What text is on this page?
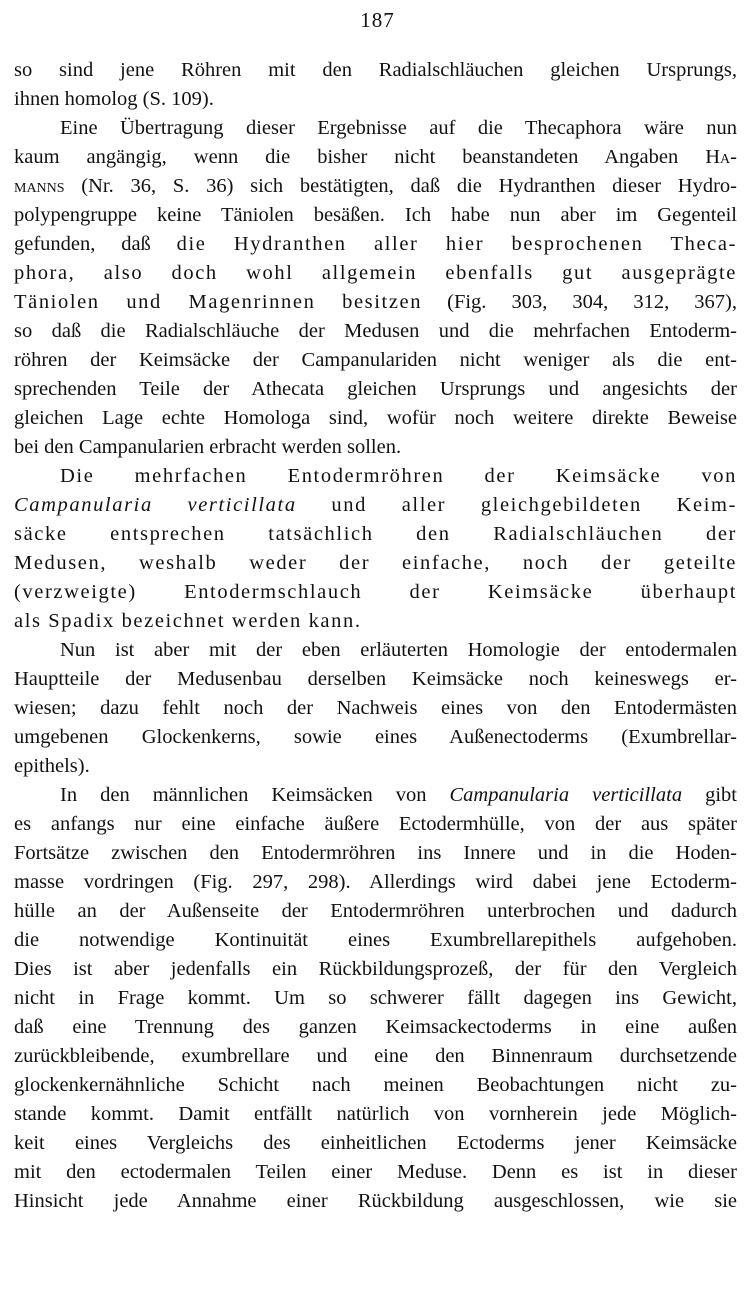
187
so sind jene Röhren mit den Radialschläuchen gleichen Ursprungs,
ihnen homolog (S. 109).
Eine Übertragung dieser Ergebnisse auf die Thecaphora wäre nun
kaum angängig, wenn die bisher nicht beanstandeten Angaben Ha-
manns (Nr. 36, S. 36) sich bestätigten, daß die Hydranthen dieser Hydro-
polypengruppe keine Täniolen besäßen. Ich habe nun aber im Gegenteil
gefunden, daß die Hydranthen aller hier besprochenen Theca-
phora, also doch wohl allgemein ebenfalls gut ausgeprägte
Täniolen und Magenrinnen besitzen (Fig. 303, 304, 312, 367),
so daß die Radialschläuche der Medusen und die mehrfachen Entoderm-
röhren der Keimsäcke der Campanulariden nicht weniger als die ent-
sprechenden Teile der Athecata gleichen Ursprungs und angesichts der
gleichen Lage echte Homologa sind, wofür noch weitere direkte Beweise
bei den Campanularien erbracht werden sollen.
Die mehrfachen Entodermröhren der Keimsäcke von
Campanularia verticillata und aller gleichgebildeten Keim-
säcke entsprechen tatsächlich den Radialschläuchen der
Medusen, weshalb weder der einfache, noch der geteilte
(verzweigte) Entodermschlauch der Keimsäcke überhaupt
als Spadix bezeichnet werden kann.
Nun ist aber mit der eben erläuterten Homologie der entodermalen
Hauptteile der Medusenbau derselben Keimsäcke noch keineswegs er-
wiesen; dazu fehlt noch der Nachweis eines von den Entodermästen
umgebenen Glockenkerns, sowie eines Außenectoderms (Exumbrellar-
epithels).
In den männlichen Keimsäcken von Campanularia verticillata gibt
es anfangs nur eine einfache äußere Ectodermhülle, von der aus später
Fortsätze zwischen den Entodermröhren ins Innere und in die Hoden-
masse vordringen (Fig. 297, 298). Allerdings wird dabei jene Ectoderm-
hülle an der Außenseite der Entodermröhren unterbrochen und dadurch
die notwendige Kontinuität eines Exumbrellarepithels aufgehoben.
Dies ist aber jedenfalls ein Rückbildungsprozeß, der für den Vergleich
nicht in Frage kommt. Um so schwerer fällt dagegen ins Gewicht,
daß eine Trennung des ganzen Keimsackectoderms in eine außen
zurückbleibende, exumbrellare und eine den Binnenraum durchsetzende
glockenkernähnliche Schicht nach meinen Beobachtungen nicht zu-
stande kommt. Damit entfällt natürlich von vornherein jede Möglich-
keit eines Vergleichs des einheitlichen Ectoderms jener Keimsäcke
mit den ectodermalen Teilen einer Meduse. Denn es ist in dieser
Hinsicht jede Annahme einer Rückbildung ausgeschlossen, wie sie
